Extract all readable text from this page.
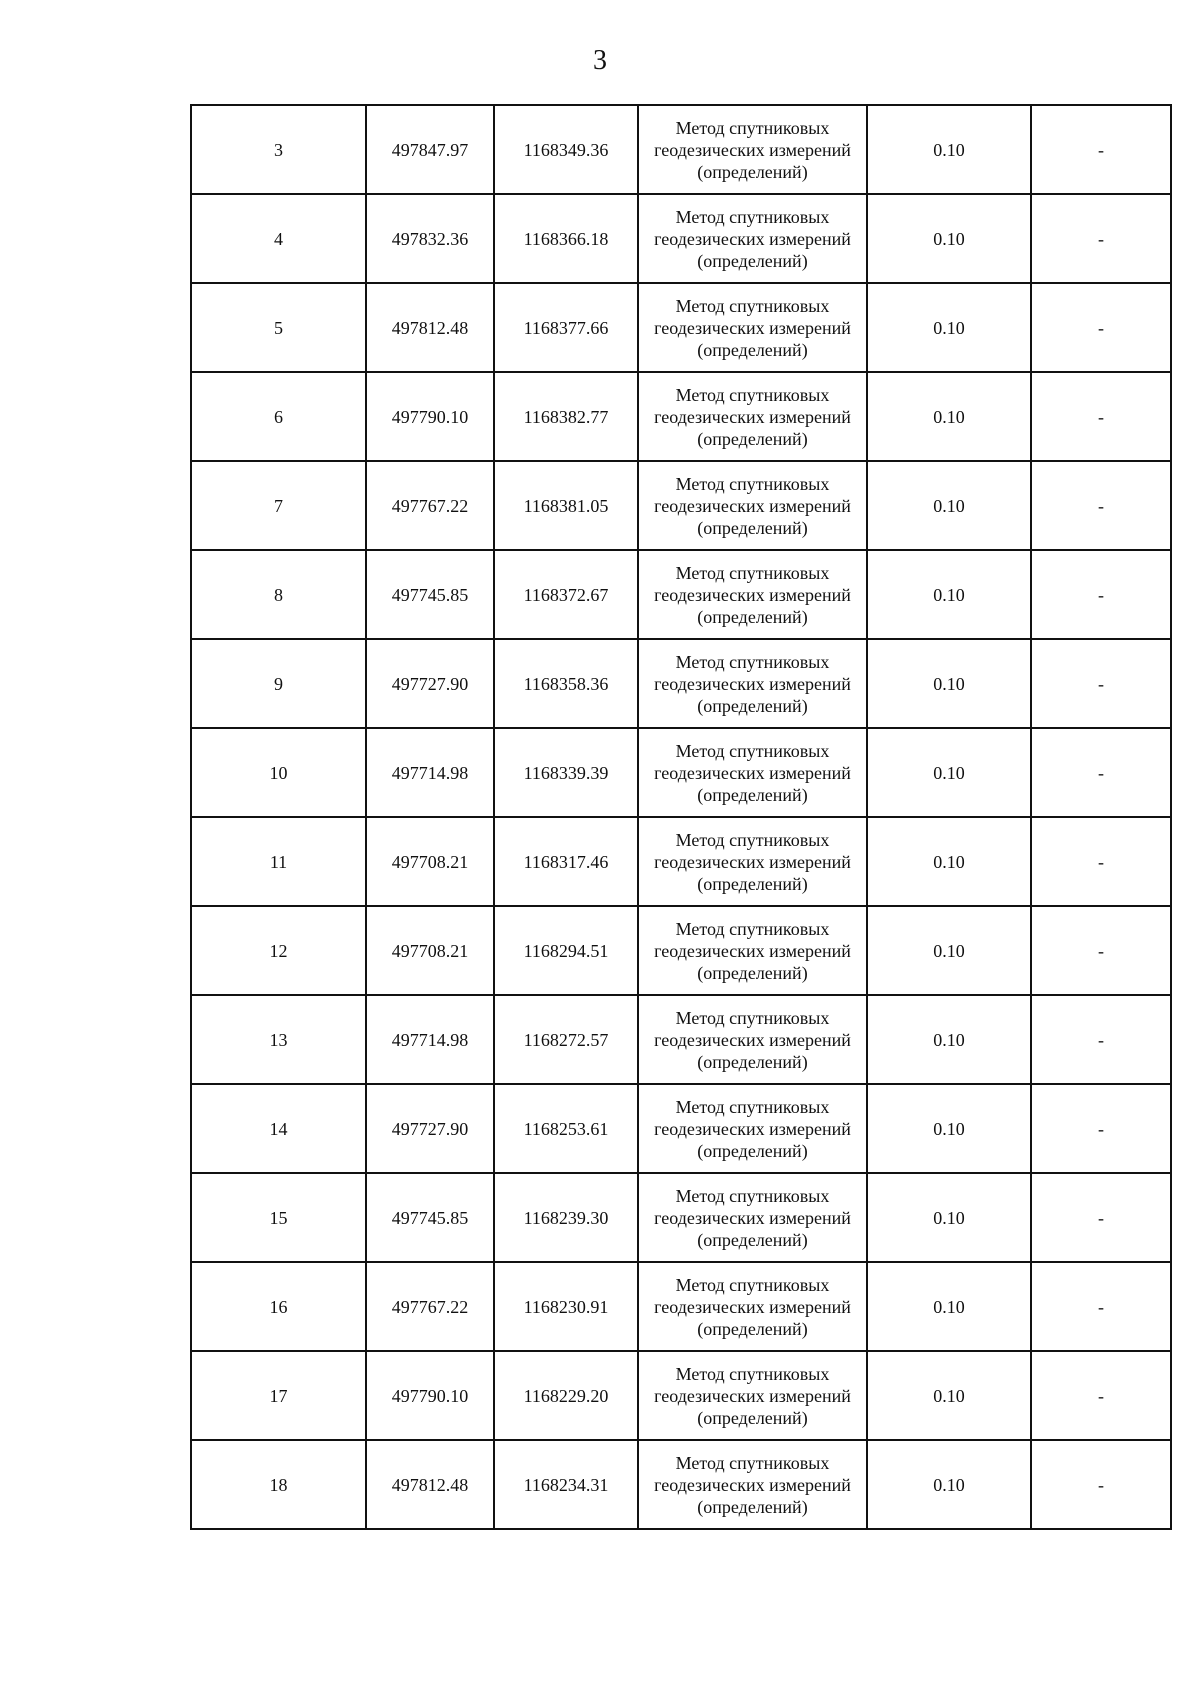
3
3	497847.97	1168349.36	Метод спутниковых
геодезических измерений
(определений)	0.10	-
4	497832.36	1168366.18	Метод спутниковых
геодезических измерений
(определений)	0.10	-
5	497812.48	1168377.66	Метод спутниковых
геодезических измерений
(определений)	0.10	-
6	497790.10	1168382.77	Метод спутниковых
геодезических измерений
(определений)	0.10	-
7	497767.22	1168381.05	Метод спутниковых
геодезических измерений
(определений)	0.10	-
8	497745.85	1168372.67	Метод спутниковых
геодезических измерений
(определений)	0.10	-
9	497727.90	1168358.36	Метод спутниковых
геодезических измерений
(определений)	0.10	-
10	497714.98	1168339.39	Метод спутниковых
геодезических измерений
(определений)	0.10	-
11	497708.21	1168317.46	Метод спутниковых
геодезических измерений
(определений)	0.10	-
12	497708.21	1168294.51	Метод спутниковых
геодезических измерений
(определений)	0.10	-
13	497714.98	1168272.57	Метод спутниковых
геодезических измерений
(определений)	0.10	-
14	497727.90	1168253.61	Метод спутниковых
геодезических измерений
(определений)	0.10	-
15	497745.85	1168239.30	Метод спутниковых
геодезических измерений
(определений)	0.10	-
16	497767.22	1168230.91	Метод спутниковых
геодезических измерений
(определений)	0.10	-
17	497790.10	1168229.20	Метод спутниковых
геодезических измерений
(определений)	0.10	-
18	497812.48	1168234.31	Метод спутниковых
геодезических измерений
(определений)	0.10	-
